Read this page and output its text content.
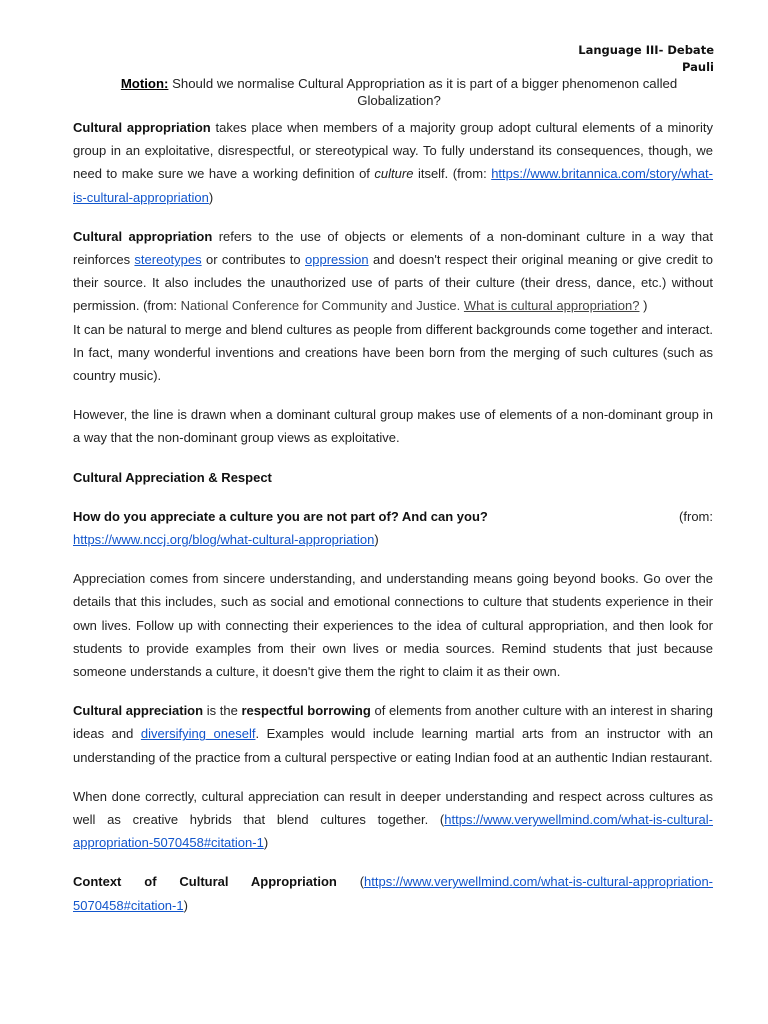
Language III- Debate
Pauli
Motion: Should we normalise Cultural Appropriation as it is part of a bigger phenomenon called Globalization?

Cultural appropriation takes place when members of a majority group adopt cultural elements of a minority group in an exploitative, disrespectful, or stereotypical way. To fully understand its consequences, though, we need to make sure we have a working definition of culture itself. (from: https://www.britannica.com/story/what-is-cultural-appropriation)

Cultural appropriation refers to the use of objects or elements of a non-dominant culture in a way that reinforces stereotypes or contributes to oppression and doesn't respect their original meaning or give credit to their source. It also includes the unauthorized use of parts of their culture (their dress, dance, etc.) without permission. (from: National Conference for Community and Justice. What is cultural appropriation? )

It can be natural to merge and blend cultures as people from different backgrounds come together and interact. In fact, many wonderful inventions and creations have been born from the merging of such cultures (such as country music).

However, the line is drawn when a dominant cultural group makes use of elements of a non-dominant group in a way that the non-dominant group views as exploitative.

Cultural Appreciation & Respect

How do you appreciate a culture you are not part of? And can you?	(from:
https://www.nccj.org/blog/what-cultural-appropriation)

Appreciation comes from sincere understanding, and understanding means going beyond books. Go over the details that this includes, such as social and emotional connections to culture that students experience in their own lives. Follow up with connecting their experiences to the idea of cultural appropriation, and then look for students to provide examples from their own lives or media sources. Remind students that just because someone understands a culture, it doesn't give them the right to claim it as their own.

Cultural appreciation is the respectful borrowing of elements from another culture with an interest in sharing ideas and diversifying oneself. Examples would include learning martial arts from an instructor with an understanding of the practice from a cultural perspective or eating Indian food at an authentic Indian restaurant.

When done correctly, cultural appreciation can result in deeper understanding and respect across cultures as well as creative hybrids that blend cultures together. (https://www.verywellmind.com/what-is-cultural-appropriation-5070458#citation-1)

Context of Cultural Appropriation (https://www.verywellmind.com/what-is-cultural-appropriation-5070458#citation-1)
